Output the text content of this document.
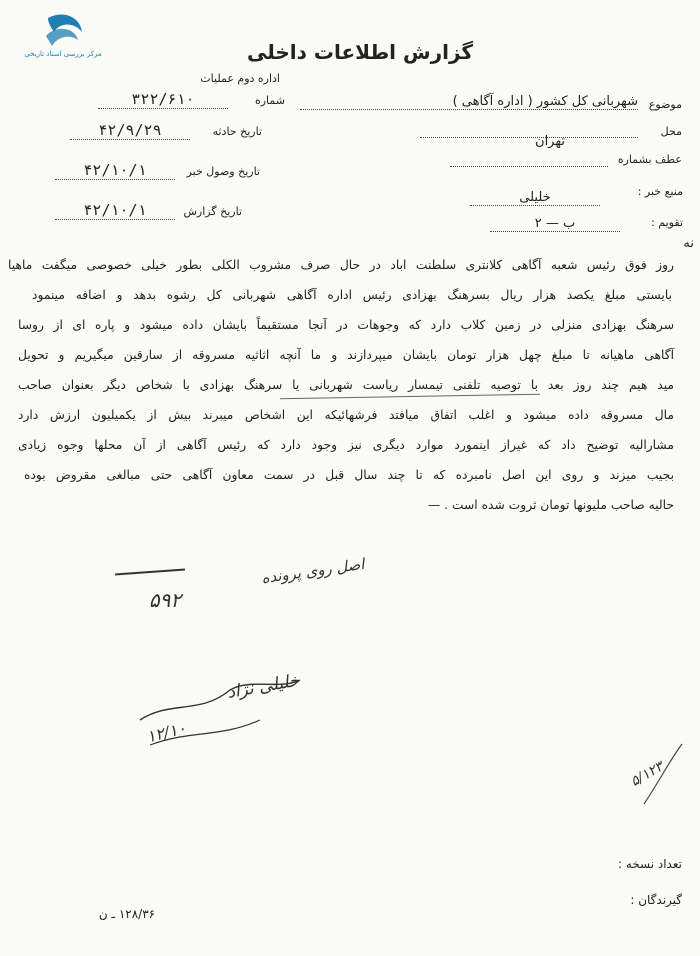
مرکز بررسی اسناد تاریخی	گزارش اطلاعات داخلی
اداره دوم عملیات
شماره
۳۲۲/۶۱۰
تاریخ حادثه
۴۲/۹/۲۹
تاریخ وصول خبر
۴۲/۱۰/۱
تاریخ گزارش
۴۲/۱۰/۱
موضوع
شهربانی کل کشور ( اداره آگاهی )
محل
تهران
عطف بشماره
منبع خبر :
خلیلی
تقویم :
ب — ۲
نه
روز فوق رئیس شعبه آگاهی کلانتری سلطنت اباد در حال صرف مشروب الکلی بطور خیلی خصوصی میگفت ماهیا
بایستی مبلغ یکصد هزار ریال بسرهنگ بهزادی رئیس اداره آگاهی شهربانی کل رشوه بدهد و اضافه مینمود
سرهنگ بهزادی منزلی در زمین کلاب دارد که وجوهات در آنجا مستقیماً بایشان داده میشود و پاره ای از روسا
آگاهی ماهیانه تا مبلغ چهل هزار تومان بایشان میپردازند و ما آنچه اثاثیه مسروقه از سارقین میگیریم و تحویل
مید هیم چند روز بعد با توصیه تلفنی تیمسار ریاست شهربانی یا سرهنگ بهزادی با شخاص دیگر بعنوان صاحب
مال مسروقه داده میشود و اغلب اتفاق میافتد فرشهائیکه این اشخاص میبرند بیش از یکمیلیون ارزش دارد
مشارالیه توضیح داد که غیراز اینمورد موارد دیگری نیز وجود دارد که رئیس آگاهی از آن محلها وجوه زیادی
بجیب میزند و روی این اصل نامبرده که تا چند سال قبل در سمت معاون آگاهی حتی مبالغی مقروض بوده
حالیه صاحب ملیونها تومان ثروت شده است . —
اصل روی پرونده
۵۹۲
خلیلی نژاد
۱۲/۱۰
۵/۱۲۳
تعداد نسخه :
گیرندگان :
۱۲۸/۳۶ ـ ن
